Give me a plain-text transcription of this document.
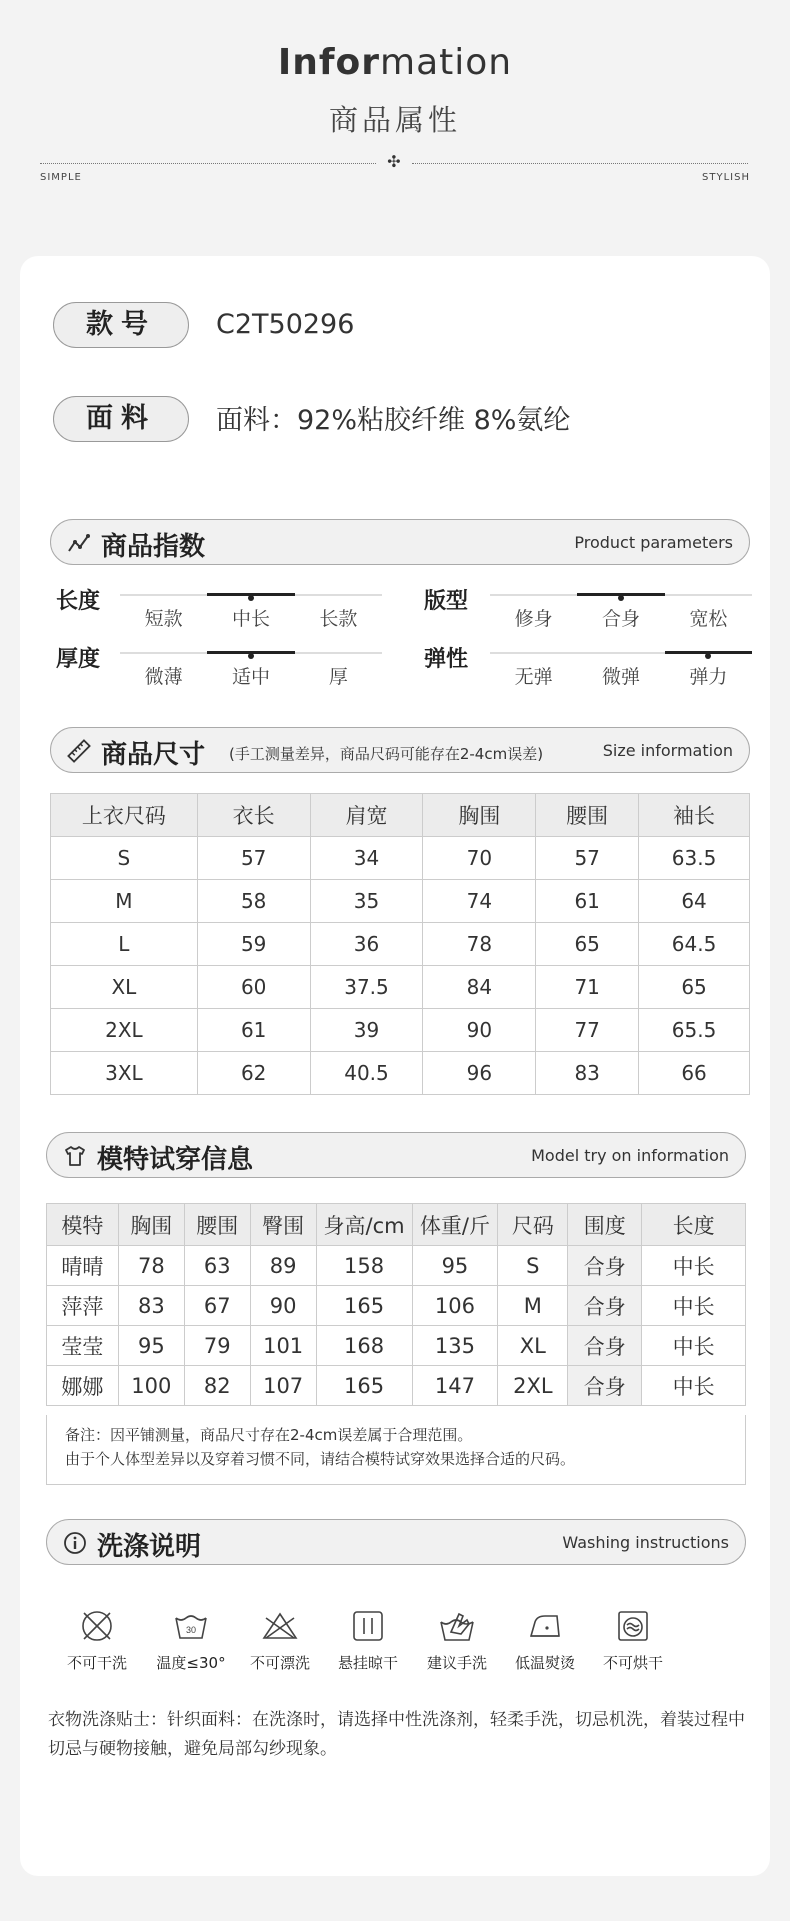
Information
商品属性
✣
SIMPLE	STYLISH
款号	C2T50296
面料	面料：92%粘胶纤维 8%氨纶
商品指数	Product parameters
长度
短款	中长	长款
厚度
微薄	适中	厚
版型
修身	合身	宽松
弹性
无弹	微弹	弹力
商品尺寸 (手工测量差异，商品尺码可能存在2-4cm误差)	Size information
上衣尺码	衣长	肩宽	胸围	腰围	袖长
S	57	34	70	57	63.5
M	58	35	74	61	64
L	59	36	78	65	64.5
XL	60	37.5	84	71	65
2XL	61	39	90	77	65.5
3XL	62	40.5	96	83	66
模特试穿信息	Model try on information
模特	胸围	腰围	臀围	身高/cm	体重/斤	尺码	围度	长度
晴晴	78	63	89	158	95	S	合身	中长
萍萍	83	67	90	165	106	M	合身	中长
莹莹	95	79	101	168	135	XL	合身	中长
娜娜	100	82	107	165	147	2XL	合身	中长
备注：因平铺测量，商品尺寸存在2-4cm误差属于合理范围。
由于个人体型差异以及穿着习惯不同，请结合模特试穿效果选择合适的尺码。
洗涤说明	Washing instructions
不可干洗
30
温度≤30°	不可漂洗	悬挂晾干	建议手洗	低温熨烫	不可烘干
衣物洗涤贴士：针织面料：在洗涤时，请选择中性洗涤剂，轻柔手洗，切忌机洗，着装过程中切忌与硬物接触，避免局部勾纱现象。
